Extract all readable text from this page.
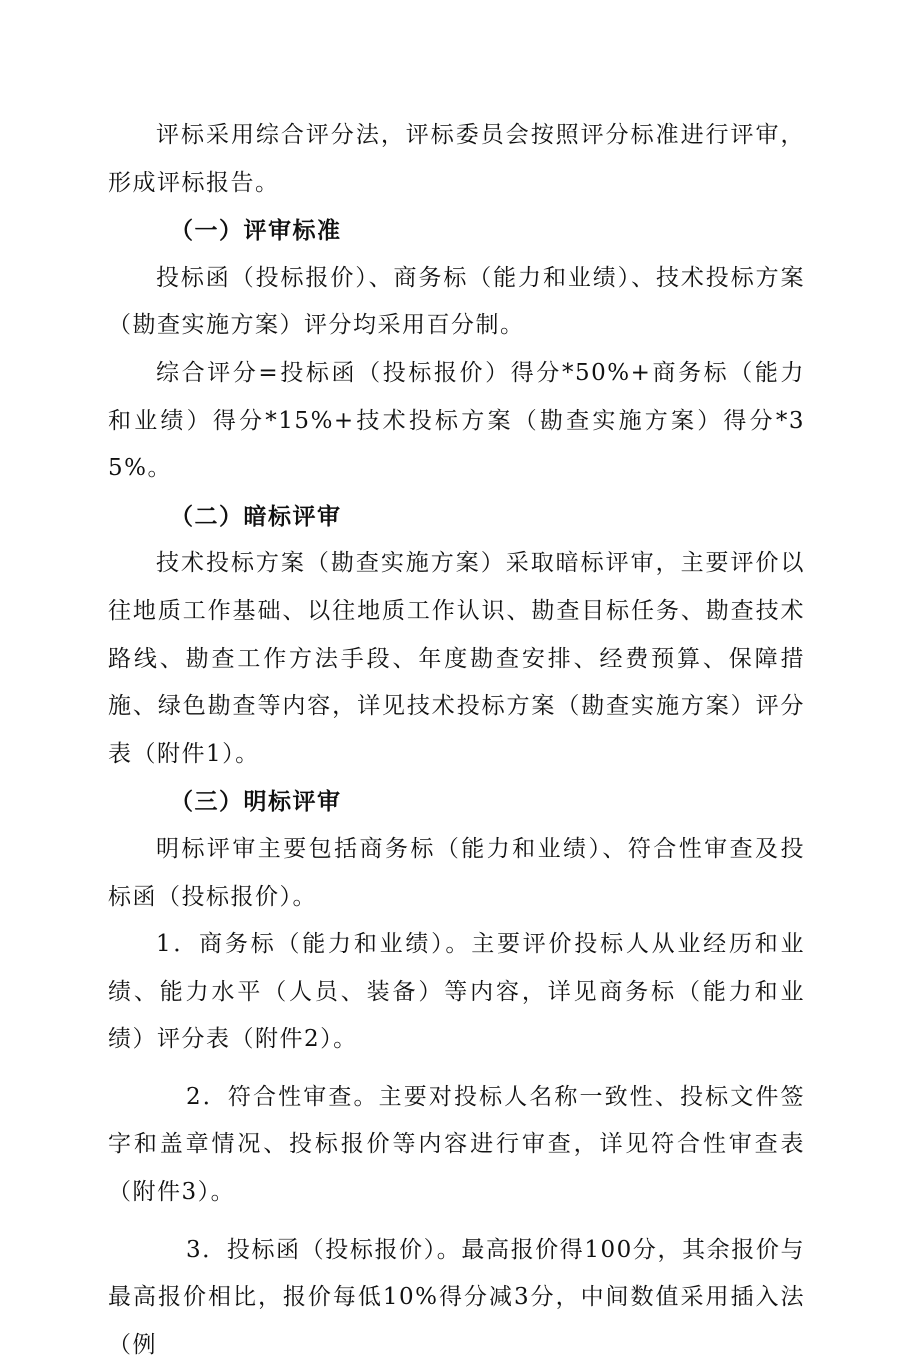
评标采用综合评分法，评标委员会按照评分标准进行评审，形成评标报告。

（一）评审标准

投标函（投标报价）、商务标（能力和业绩）、技术投标方案（勘查实施方案）评分均采用百分制。

综合评分=投标函（投标报价）得分*50%+商务标（能力和业绩）得分*15%+技术投标方案（勘查实施方案）得分*35%。

（二）暗标评审

技术投标方案（勘查实施方案）采取暗标评审，主要评价以往地质工作基础、以往地质工作认识、勘查目标任务、勘查技术路线、勘查工作方法手段、年度勘查安排、经费预算、保障措施、绿色勘查等内容，详见技术投标方案（勘查实施方案）评分表（附件1）。

（三）明标评审

明标评审主要包括商务标（能力和业绩）、符合性审查及投标函（投标报价）。

1．商务标（能力和业绩）。主要评价投标人从业经历和业绩、能力水平（人员、装备）等内容，详见商务标（能力和业绩）评分表（附件2）。

2．符合性审查。主要对投标人名称一致性、投标文件签字和盖章情况、投标报价等内容进行审查，详见符合性审查表（附件3）。

3．投标函（投标报价）。最高报价得100分，其余报价与最高报价相比，报价每低10%得分减3分，中间数值采用插入法（例
